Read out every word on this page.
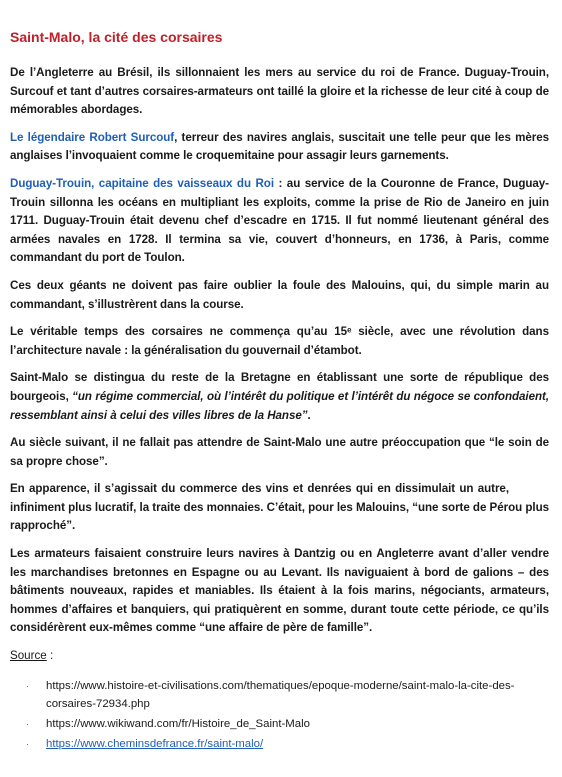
Saint-Malo, la cité des corsaires

De l’Angleterre au Brésil, ils sillonnaient les mers au service du roi de France. Duguay-Trouin, Surcouf et tant d’autres corsaires-armateurs ont taillé la gloire et la richesse de leur cité à coup de mémorables abordages.

Le légendaire Robert Surcouf, terreur des navires anglais, suscitait une telle peur que les mères anglaises l’invoquaient comme le croquemitaine pour assagir leurs garnements.

Duguay-Trouin, capitaine des vaisseaux du Roi : au service de la Couronne de France, Duguay-Trouin sillonna les océans en multipliant les exploits, comme la prise de Rio de Janeiro en juin 1711. Duguay-Trouin était devenu chef d’escadre en 1715. Il fut nommé lieutenant général des armées navales en 1728. Il termina sa vie, couvert d’honneurs, en 1736, à Paris, comme commandant du port de Toulon.

Ces deux géants ne doivent pas faire oublier la foule des Malouins, qui, du simple marin au commandant, s’illustrèrent dans la course.

Le véritable temps des corsaires ne commença qu’au 15ᵉ siècle, avec une révolution dans l’architecture navale : la généralisation du gouvernail d’étambot.

Saint-Malo se distingua du reste de la Bretagne en établissant une sorte de république des bourgeois, “un régime commercial, où l’intérêt du politique et l’intérêt du négoce se confondaient, ressemblant ainsi à celui des villes libres de la Hanse”.

Au siècle suivant, il ne fallait pas attendre de Saint-Malo une autre préoccupation que “le soin de sa propre chose”.

En apparence, il s’agissait du commerce des vins et denrées qui en dissimulait un autre,infiniment plus lucratif, la traite des monnaies. C’était, pour les Malouins, “une sorte de Pérou plus rapproché”.

Les armateurs faisaient construire leurs navires à Dantzig ou en Angleterre avant d’aller vendre les marchandises bretonnes en Espagne ou au Levant. Ils naviguaient à bord de galions – des bâtiments nouveaux, rapides et maniables. Ils étaient à la fois marins, négociants, armateurs, hommes d’affaires et banquiers, qui pratiquèrent en somme, durant toute cette période, ce qu’ils considérèrent eux-mêmes comme “une affaire de père de famille”.

Source :
· https://www.histoire-et-civilisations.com/thematiques/epoque-moderne/saint-malo-la-cite-des-corsaires-72934.php
· https://www.wikiwand.com/fr/Histoire_de_Saint-Malo
· https://www.cheminsdefrance.fr/saint-malo/
